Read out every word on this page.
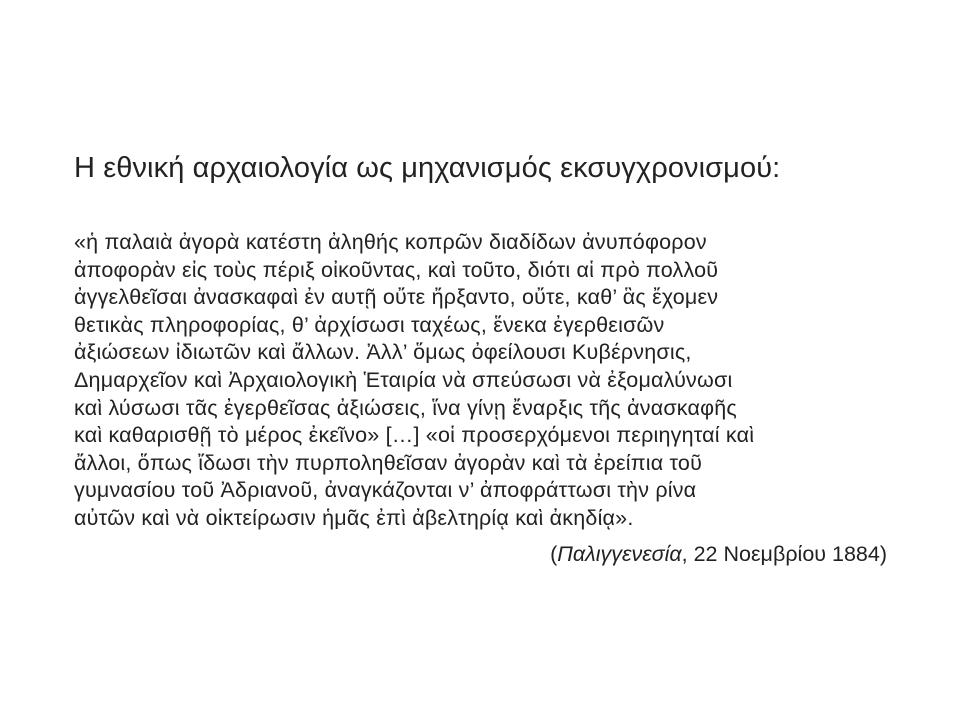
Η εθνική αρχαιολογία ως μηχανισμός εκσυγχρονισμού:
«ἡ παλαιὰ ἀγορὰ κατέστη ἀληθής κοπρῶν διαδίδων ἀνυπόφορον
ἀποφορὰν εἰς τοὺς πέριξ οἰκοῦντας, καὶ τοῦτο, διότι αἱ πρὸ πολλοῦ
ἀγγελθεῖσαι ἀνασκαφαὶ ἐν αυτῇ οὔτε ἤρξαντο, οὔτε, καθ’ ἃς ἔχομεν
θετικὰς πληροφορίας, θ’ ἀρχίσωσι ταχέως, ἕνεκα ἐγερθεισῶν
ἀξιώσεων ἰδιωτῶν καὶ ἄλλων. Ἀλλ’ ὅμως ὀφείλουσι Κυβέρνησις,
Δημαρχεῖον καὶ Ἀρχαιολογικὴ Ἑταιρία νὰ σπεύσωσι νὰ ἐξομαλύνωσι
καὶ λύσωσι τᾶς ἐγερθεῖσας ἀξιώσεις, ἵνα γίνῃ ἔναρξις τῆς ἀνασκαφῆς
καὶ καθαρισθῇ τὸ μέρος ἐκεῖνο» […] «οἱ προσερχόμενοι περιηγηταί καὶ
ἄλλοι, ὅπως ἴδωσι τὴν πυρποληθεῖσαν ἀγορὰν καὶ τὰ ἐρείπια τοῦ
γυμνασίου τοῦ Ἀδριανοῦ, ἀναγκάζονται ν’ ἀποφράττωσι τὴν ρίνα
αὐτῶν καὶ νὰ οἰκτείρωσιν ἡμᾶς ἐπὶ ἀβελτηρίᾳ καὶ ἀκηδίᾳ».
(Παλιγγενεσία, 22 Νοεμβρίου 1884)
